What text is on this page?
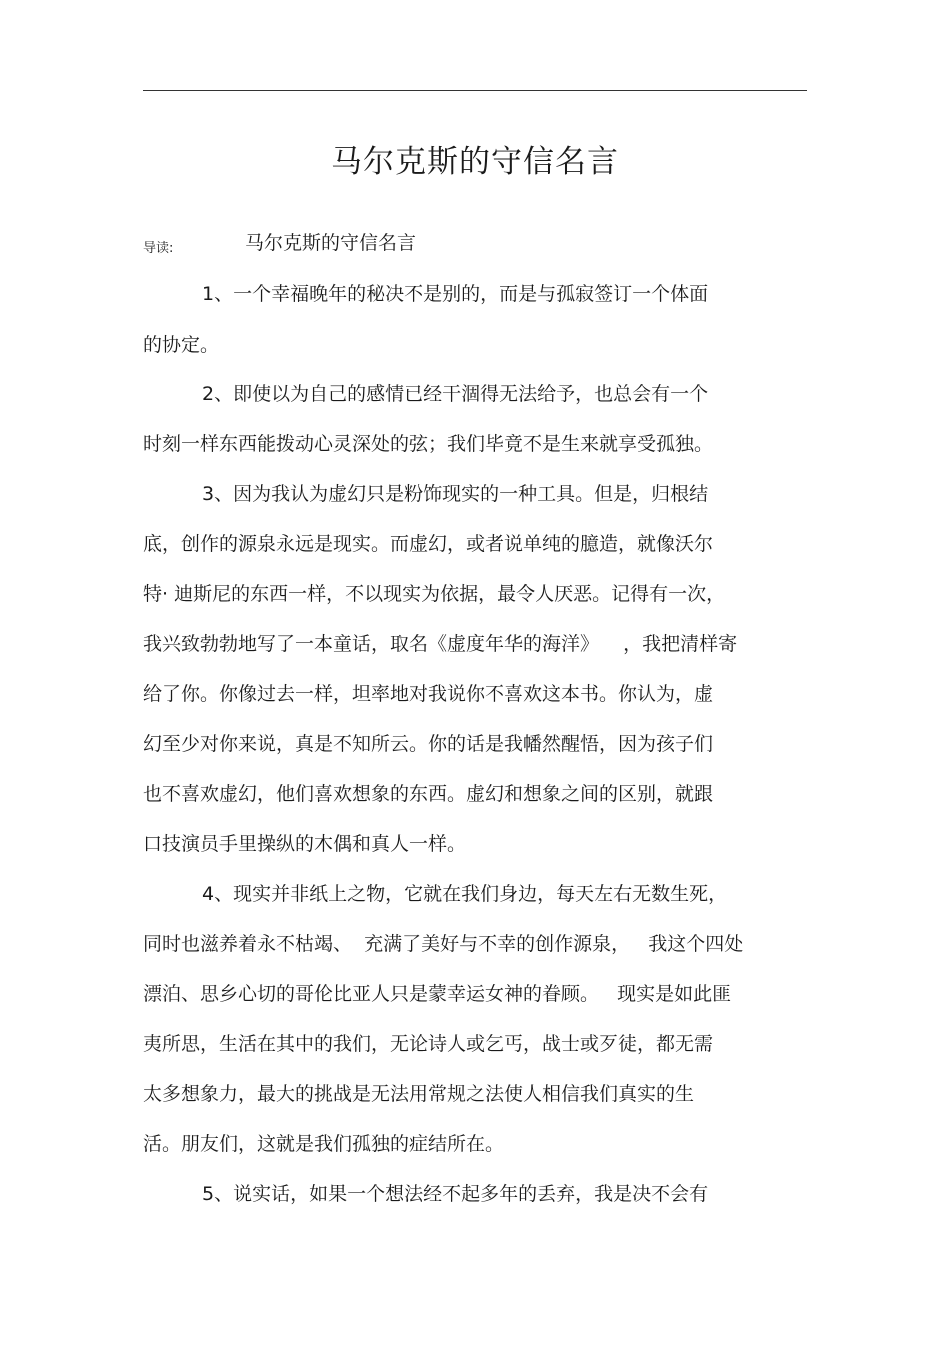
马尔克斯的守信名言
导读:	马尔克斯的守信名言
1、一个幸福晚年的秘决不是别的，而是与孤寂签订一个体面
的协定。
2、即使以为自己的感情已经干涸得无法给予，也总会有一个
时刻一样东西能拨动心灵深处的弦；我们毕竟不是生来就享受孤独。
3、因为我认为虚幻只是粉饰现实的一种工具。但是，归根结
底，创作的源泉永远是现实。而虚幻，或者说单纯的臆造，就像沃尔
特· 迪斯尼的东西一样，不以现实为依据，最令人厌恶。记得有一次，
我兴致勃勃地写了一本童话，取名《虚度年华的海洋》    ，我把清样寄
给了你。你像过去一样，坦率地对我说你不喜欢这本书。你认为，虚
幻至少对你来说，真是不知所云。你的话是我幡然醒悟，因为孩子们
也不喜欢虚幻，他们喜欢想象的东西。虚幻和想象之间的区别，就跟
口技演员手里操纵的木偶和真人一样。
4、现实并非纸上之物，它就在我们身边，每天左右无数生死，
同时也滋养着永不枯竭、  充满了美好与不幸的创作源泉，   我这个四处
漂泊、思乡心切的哥伦比亚人只是蒙幸运女神的眷顾。   现实是如此匪
夷所思，生活在其中的我们，无论诗人或乞丐，战士或歹徒，都无需
太多想象力，最大的挑战是无法用常规之法使人相信我们真实的生
活。朋友们，这就是我们孤独的症结所在。
5、说实话，如果一个想法经不起多年的丢弃，我是决不会有
